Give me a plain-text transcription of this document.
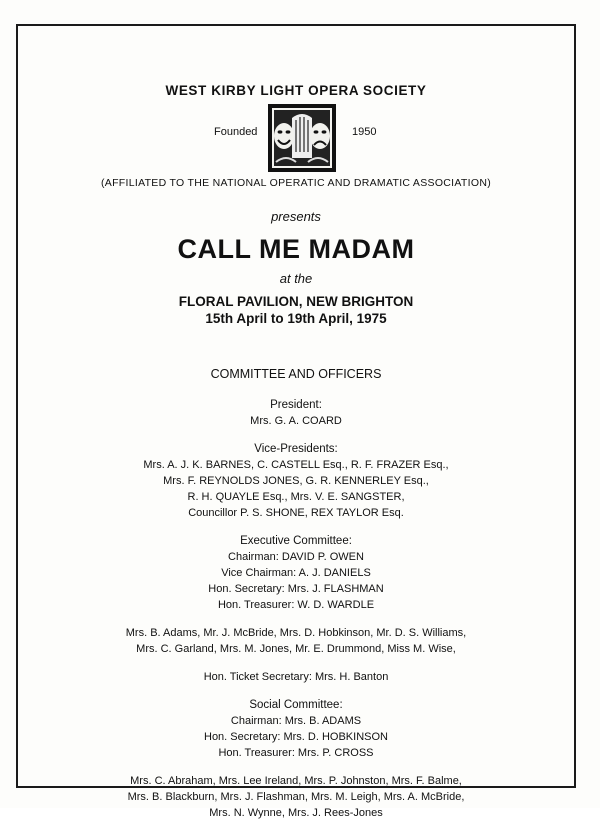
WEST KIRBY LIGHT OPERA SOCIETY
Founded	1950
(AFFILIATED TO THE NATIONAL OPERATIC AND DRAMATIC ASSOCIATION)
presents
CALL ME MADAM
at the
FLORAL PAVILION, NEW BRIGHTON
15th April to 19th April, 1975
COMMITTEE AND OFFICERS
President:
Mrs. G. A. COARD
Vice-Presidents:
Mrs. A. J. K. BARNES, C. CASTELL Esq., R. F. FRAZER Esq.,
Mrs. F. REYNOLDS JONES, G. R. KENNERLEY Esq.,
R. H. QUAYLE Esq., Mrs. V. E. SANGSTER,
Councillor P. S. SHONE, REX TAYLOR Esq.
Executive Committee:
Chairman: DAVID P. OWEN
Vice Chairman: A. J. DANIELS
Hon. Secretary: Mrs. J. FLASHMAN
Hon. Treasurer: W. D. WARDLE
Mrs. B. Adams, Mr. J. McBride, Mrs. D. Hobkinson, Mr. D. S. Williams,
Mrs. C. Garland, Mrs. M. Jones, Mr. E. Drummond, Miss M. Wise,
Hon. Ticket Secretary: Mrs. H. Banton
Social Committee:
Chairman: Mrs. B. ADAMS
Hon. Secretary: Mrs. D. HOBKINSON
Hon. Treasurer: Mrs. P. CROSS
Mrs. C. Abraham, Mrs. Lee Ireland, Mrs. P. Johnston, Mrs. F. Balme,
Mrs. B. Blackburn, Mrs. J. Flashman, Mrs. M. Leigh, Mrs. A. McBride,
Mrs. N. Wynne, Mrs. J. Rees-Jones
